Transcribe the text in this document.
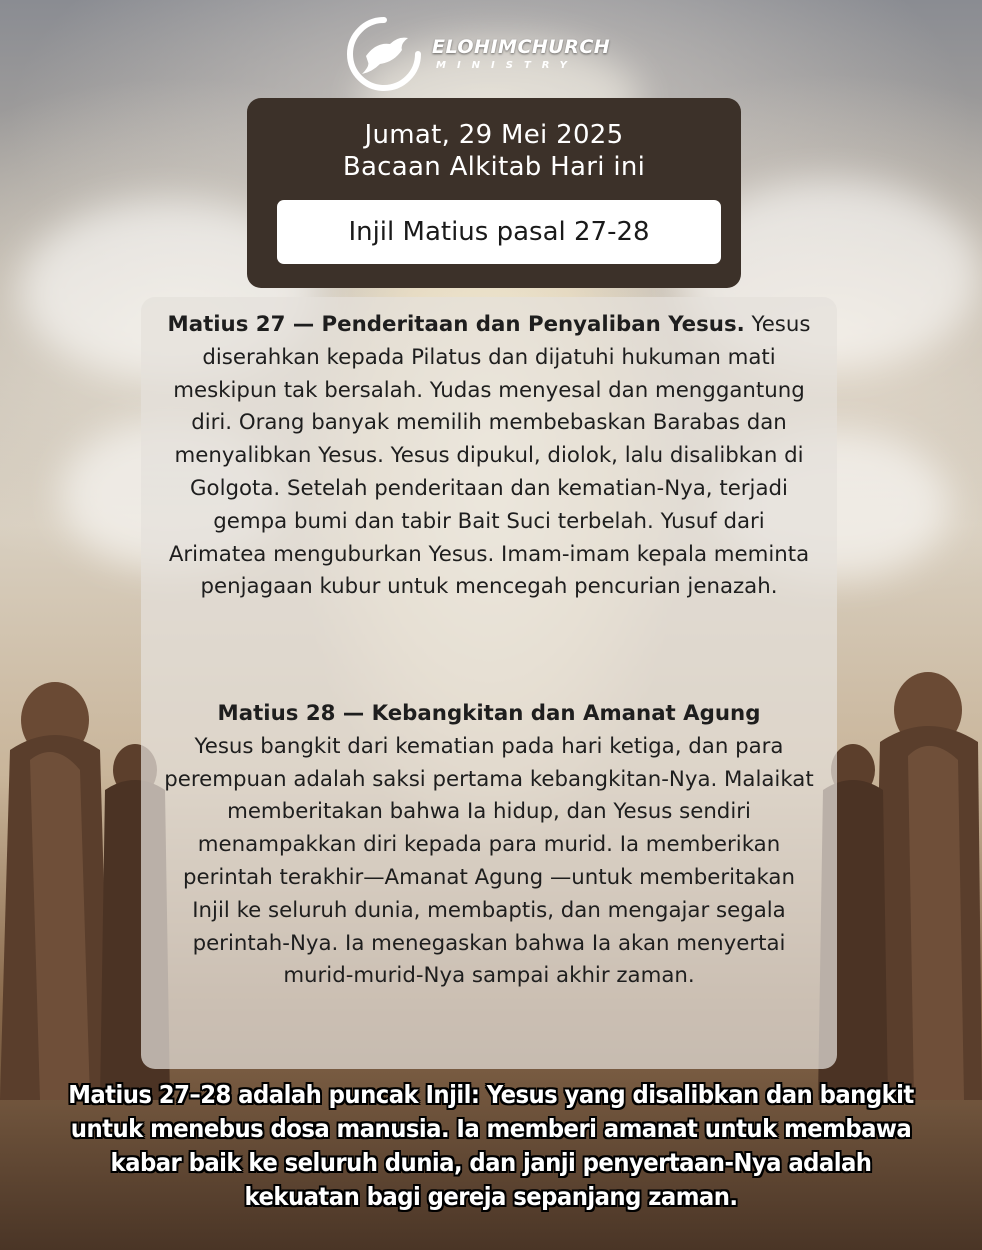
ELOHIMCHURCH
MINISTRY
Jumat, 29 Mei 2025
Bacaan Alkitab Hari ini
Injil Matius pasal 27-28
Matius 27 — Penderitaan dan Penyaliban Yesus. Yesus diserahkan kepada Pilatus dan dijatuhi hukuman mati meskipun tak bersalah. Yudas menyesal dan menggantung diri. Orang banyak memilih membebaskan Barabas dan menyalibkan Yesus. Yesus dipukul, diolok, lalu disalibkan di Golgota. Setelah penderitaan dan kematian-Nya, terjadi gempa bumi dan tabir Bait Suci terbelah. Yusuf dari Arimatea menguburkan Yesus. Imam-imam kepala meminta penjagaan kubur untuk mencegah pencurian jenazah.
Matius 28 — Kebangkitan dan Amanat Agung
Yesus bangkit dari kematian pada hari ketiga, dan para perempuan adalah saksi pertama kebangkitan-Nya. Malaikat memberitakan bahwa Ia hidup, dan Yesus sendiri menampakkan diri kepada para murid. Ia memberikan perintah terakhir—Amanat Agung —untuk memberitakan Injil ke seluruh dunia, membaptis, dan mengajar segala perintah-Nya. Ia menegaskan bahwa Ia akan menyertai murid-murid-Nya sampai akhir zaman.
Matius 27–28 adalah puncak Injil: Yesus yang disalibkan dan bangkit untuk menebus dosa manusia. Ia memberi amanat untuk membawa kabar baik ke seluruh dunia, dan janji penyertaan-Nya adalah kekuatan bagi gereja sepanjang zaman.
